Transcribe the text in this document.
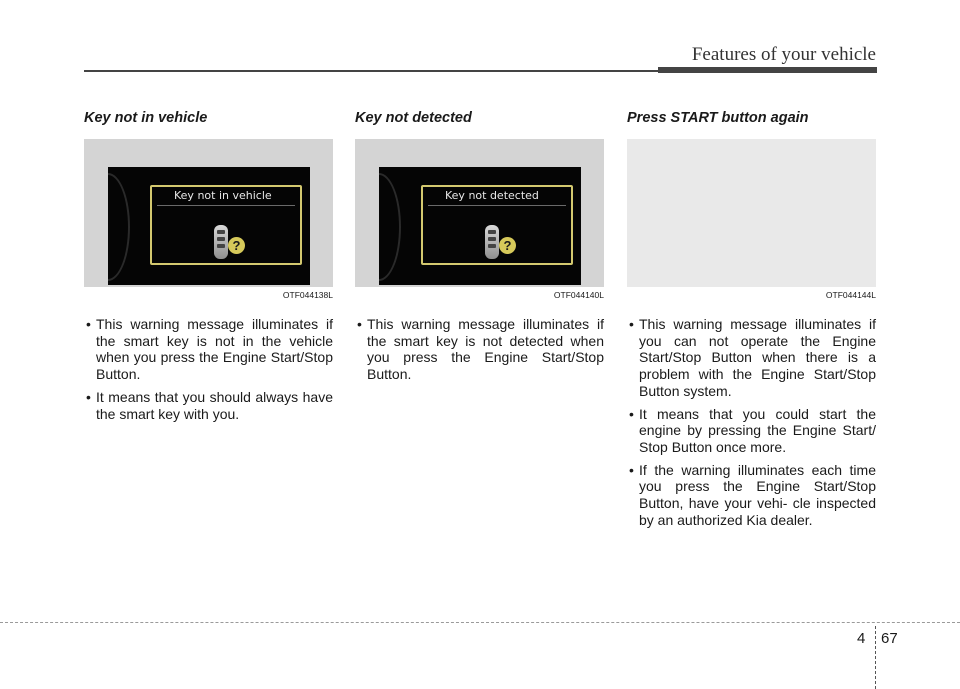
Features of your vehicle
Key not in vehicle
Key not in vehicle
?
OTF044138L
• This warning message illuminates if the smart key is not in the vehicle when you press the Engine Start/Stop Button.
• It means that you should always have the smart key with you.
Key not detected
Key not detected
?
OTF044140L
• This warning message illuminates if the smart key is not detected when you press the Engine Start/Stop Button.
Press START button again
OTF044144L
• This warning message illuminates if you can not operate the Engine Start/Stop Button when there is a problem with the Engine Start/Stop Button system.
• It means that you could start the engine by pressing the Engine Start/ Stop Button once more.
• If the warning illuminates each time you press the Engine Start/Stop Button, have your vehi- cle inspected by an authorized Kia dealer.
4 67
